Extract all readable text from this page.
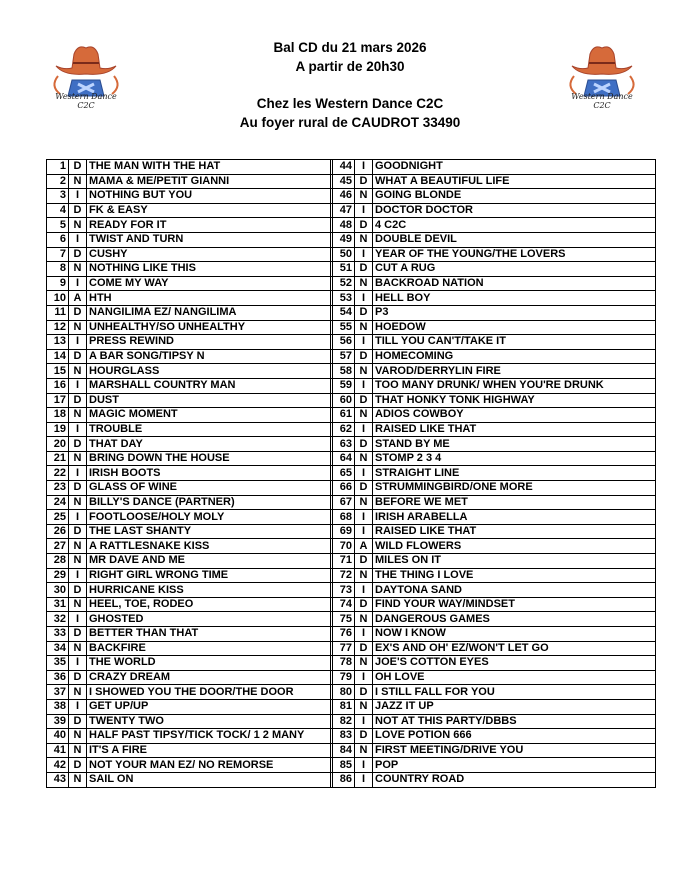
Western Dance C2C
Western Dance C2C
Bal CD du 21 mars 2026
A partir de 20h30
Chez les Western Dance C2C
Au foyer rural de CAUDROT 33490
1	D	THE MAN WITH THE HAT		44	I	GOODNIGHT
2	N	MAMA & ME/PETIT GIANNI		45	D	WHAT A BEAUTIFUL LIFE
3	I	NOTHING BUT YOU		46	N	GOING BLONDE
4	D	FK & EASY		47	I	DOCTOR DOCTOR
5	N	READY FOR IT		48	D	4 C2C
6	I	TWIST AND TURN		49	N	DOUBLE DEVIL
7	D	CUSHY		50	I	YEAR OF THE YOUNG/THE LOVERS
8	N	NOTHING LIKE THIS		51	D	CUT A RUG
9	I	COME MY WAY		52	N	BACKROAD NATION
10	A	HTH		53	I	HELL BOY
11	D	NANGILIMA EZ/ NANGILIMA		54	D	P3
12	N	UNHEALTHY/SO UNHEALTHY		55	N	HOEDOW
13	I	PRESS REWIND		56	I	TILL YOU CAN'T/TAKE IT
14	D	A BAR SONG/TIPSY N		57	D	HOMECOMING
15	N	HOURGLASS		58	N	VAROD/DERRYLIN FIRE
16	I	MARSHALL COUNTRY MAN		59	I	TOO MANY DRUNK/ WHEN YOU'RE DRUNK
17	D	DUST		60	D	THAT HONKY TONK HIGHWAY
18	N	MAGIC MOMENT		61	N	ADIOS COWBOY
19	I	TROUBLE		62	I	RAISED LIKE THAT
20	D	THAT DAY		63	D	STAND BY ME
21	N	BRING DOWN THE HOUSE		64	N	STOMP 2 3 4
22	I	IRISH BOOTS		65	I	STRAIGHT LINE
23	D	GLASS OF WINE		66	D	STRUMMINGBIRD/ONE MORE
24	N	BILLY'S DANCE (PARTNER)		67	N	BEFORE WE MET
25	I	FOOTLOOSE/HOLY MOLY		68	I	IRISH ARABELLA
26	D	THE LAST SHANTY		69	I	RAISED LIKE THAT
27	N	A RATTLESNAKE KISS		70	A	WILD FLOWERS
28	N	MR DAVE AND ME		71	D	MILES ON IT
29	I	RIGHT GIRL WRONG TIME		72	N	THE THING I LOVE
30	D	HURRICANE KISS		73	I	DAYTONA SAND
31	N	HEEL, TOE, RODEO		74	D	FIND YOUR WAY/MINDSET
32	I	GHOSTED		75	N	DANGEROUS GAMES
33	D	BETTER THAN THAT		76	I	NOW I KNOW
34	N	BACKFIRE		77	D	EX'S AND OH' EZ/WON'T LET GO
35	I	THE WORLD		78	N	JOE'S COTTON EYES
36	D	CRAZY DREAM		79	I	OH LOVE
37	N	I SHOWED YOU THE DOOR/THE DOOR		80	D	I STILL FALL FOR YOU
38	I	GET UP/UP		81	N	JAZZ IT UP
39	D	TWENTY TWO		82	I	NOT AT THIS PARTY/DBBS
40	N	HALF PAST TIPSY/TICK TOCK/ 1 2 MANY		83	D	LOVE POTION 666
41	N	IT'S A FIRE		84	N	FIRST MEETING/DRIVE YOU
42	D	NOT YOUR MAN EZ/ NO REMORSE		85	I	POP
43	N	SAIL ON		86	I	COUNTRY ROAD
